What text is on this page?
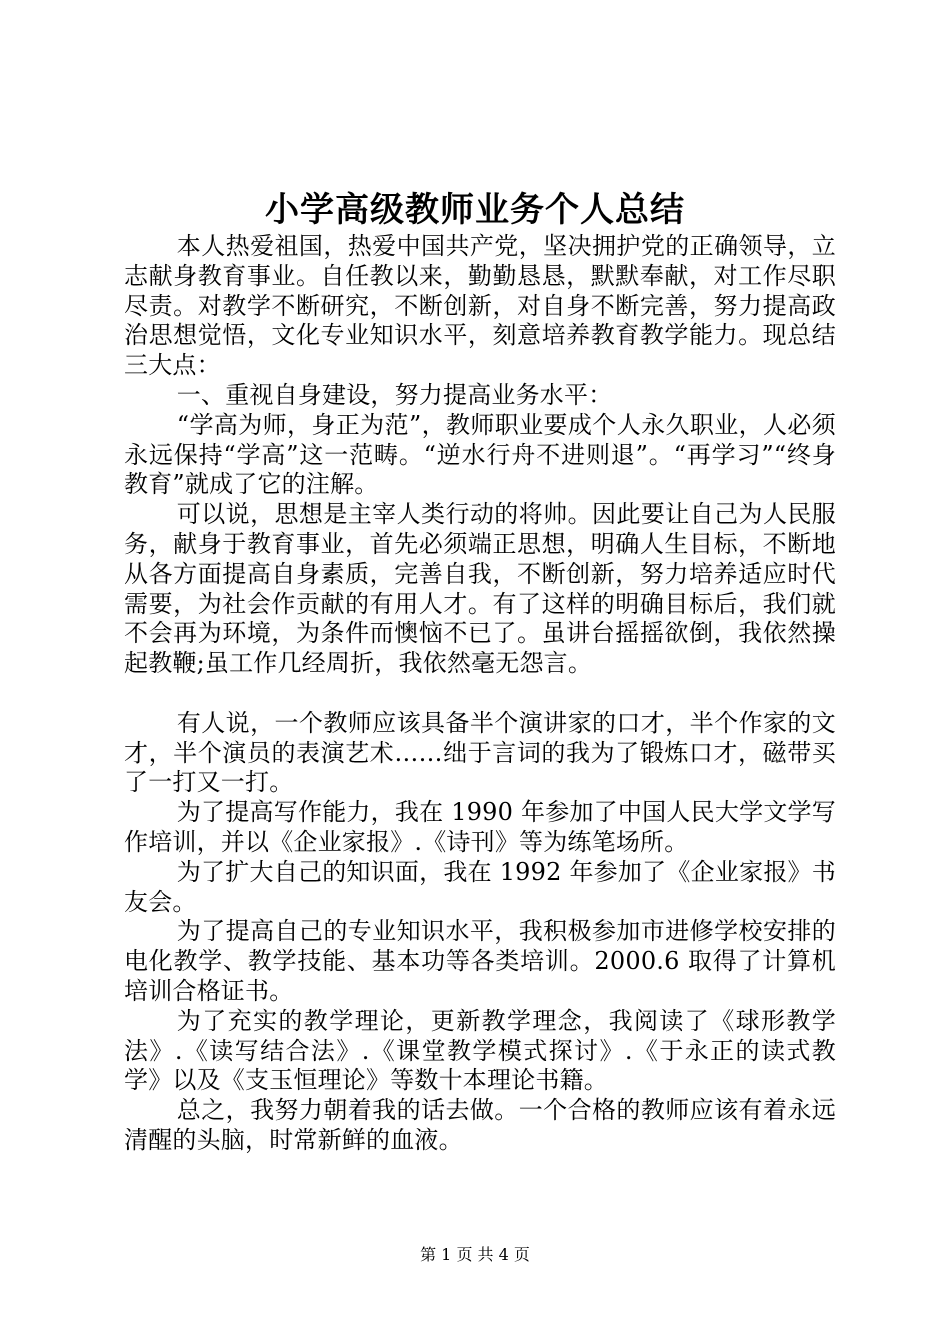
小学高级教师业务个人总结

本人热爱祖国，热爱中国共产党，坚决拥护党的正确领导，立志献身教育事业。自任教以来，勤勤恳恳，默默奉献，对工作尽职尽责。对教学不断研究，不断创新，对自身不断完善，努力提高政治思想觉悟，文化专业知识水平，刻意培养教育教学能力。现总结三大点：

一、重视自身建设，努力提高业务水平：

“学高为师，身正为范”，教师职业要成个人永久职业，人必须永远保持“学高”这一范畴。“逆水行舟不进则退”。“再学习”“终身教育”就成了它的注解。

可以说，思想是主宰人类行动的将帅。因此要让自己为人民服务，献身于教育事业，首先必须端正思想，明确人生目标，不断地从各方面提高自身素质，完善自我，不断创新，努力培养适应时代需要，为社会作贡献的有用人才。有了这样的明确目标后，我们就不会再为环境，为条件而懊恼不已了。虽讲台摇摇欲倒，我依然操起教鞭;虽工作几经周折，我依然毫无怨言。

有人说，一个教师应该具备半个演讲家的口才，半个作家的文才，半个演员的表演艺术……绌于言词的我为了锻炼口才，磁带买了一打又一打。

为了提高写作能力，我在 1990 年参加了中国人民大学文学写作培训，并以《企业家报》.《诗刊》等为练笔场所。

为了扩大自己的知识面，我在 1992 年参加了《企业家报》书友会。

为了提高自己的专业知识水平，我积极参加市进修学校安排的电化教学、教学技能、基本功等各类培训。2000.6 取得了计算机培训合格证书。

为了充实的教学理论，更新教学理念，我阅读了《球形教学法》.《读写结合法》.《课堂教学模式探讨》.《于永正的读式教学》以及《支玉恒理论》等数十本理论书籍。

总之，我努力朝着我的话去做。一个合格的教师应该有着永远清醒的头脑，时常新鲜的血液。

第 1 页 共 4 页
